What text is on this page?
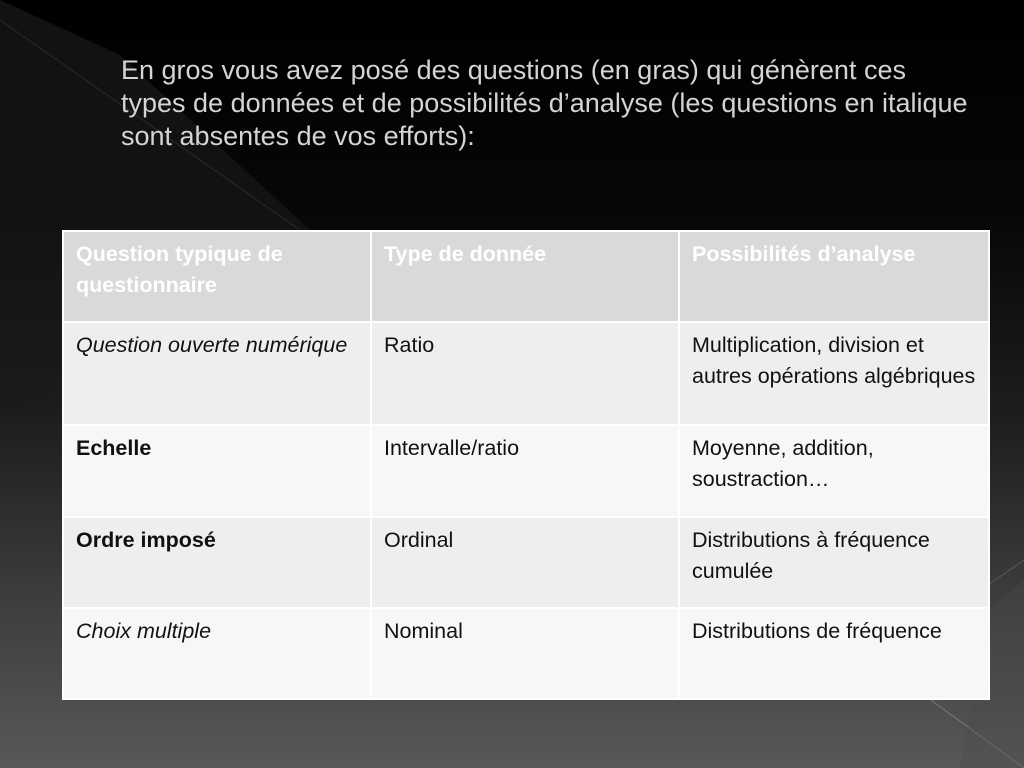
En gros vous avez posé des questions (en gras) qui génèrent ces types de données et de possibilités d’analyse (les questions en italique sont absentes de vos efforts):
Question typique de questionnaire	Type de donnée	Possibilités d’analyse
Question ouverte numérique	Ratio	Multiplication, division et autres opérations algébriques
Echelle	Intervalle/ratio	Moyenne, addition, soustraction…
Ordre imposé	Ordinal	Distributions à fréquence cumulée
Choix multiple	Nominal	Distributions de fréquence
